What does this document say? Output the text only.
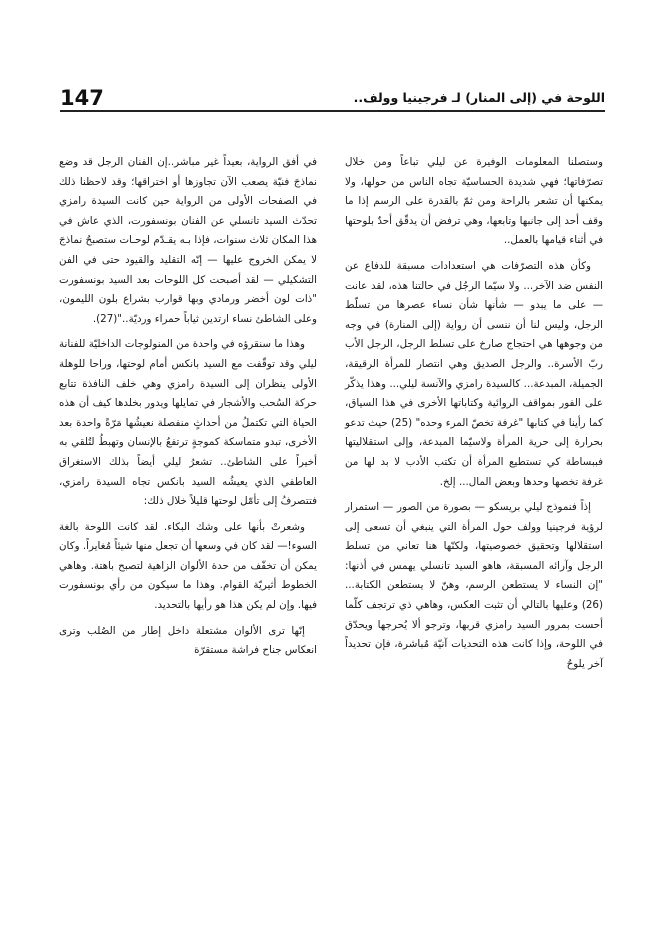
147	اللوحة في (إلى المنار) لـ فرجينيا وولف..

وستصلنا المعلومات الوفيرة عن ليلي تباعاً ومن خلال تصرّفاتها؛ فهي شديدة الحساسيّة تجاه الناس من حولها، ولا يمكنها أن تشعر بالراحة ومن ثمّ بالقدرة على الرسم إذا ما وقف أحد إلى جانبها وتابعها، وهي ترفض أن يدقّق أحدٌ بلوحتها في أثناء قيامها بالعمل..

وكأن هذه التصرّفات هي استعدادات مسبقة للدفاع عن النفس ضد الآخر... ولا سيّما الرجُل في حالتنا هذه، لقد عانت — على ما يبدو — شأنها شأن نساء عصرها من تسلّط الرجل، وليس لنا أن ننسى أن رواية (إلى المنارة) في وجه من وجوهها هي احتجاج صارخ على تسلط الرجل، الرجل الأب ربّ الأسرة.. والرجل الصديق وهي انتصار للمرأة الرقيقة، الجميلة، المبدعة... كالسيدة رامزي والآنسة ليلي... وهذا يذكّر على الفور بمواقف الروائية وكتاباتها الأخرى في هذا السياق، كما رأينا في كتابها "غرفة تخصّ المرء وحده" (25) حيث تدعو بحرارة إلى حرية المرأة ولاسيّما المبدعة، وإلى استقلاليتها فببساطة كي تستطيع المرأة أن تكتب الأدب لا بد لها من غرفة تخصها وحدها وبعض المال... إلخ.

إذاً فنموذج ليلي بريسكو — بصورة من الصور — استمرار لرؤية فرجينيا وولف حول المرأة التي ينبغي أن تسعى إلى استقلالها وتحقيق خصوصيتها، ولكنّها هنا تعاني من تسلط الرجل وآرائه المسبقة، هاهو السيد تانسلي يهمس في أذنها: "إن النساء لا يستطعن الرسم، وهنّ لا يستطعن الكتابة... (26) وعليها بالتالي أن تثبت العكس، وهاهي ذي ترتجف كلّما أحست بمرور السيد رامزي قربها، وترجو ألا يُحرجها ويحدّق في اللوحة، وإذا كانت هذه التحديات آنيّة مُباشرة، فإن تحديداً آخر يلوحُ

في أفق الرواية، بعيداً غير مباشر..إن الفنان الرجل قد وضع نماذجَ فنيّة يصعب الآن تجاوزها أو اختراقها؛ وقد لاحظنا ذلك في الصفحات الأولى من الرواية حين كانت السيدة رامزي تحدّث السيد تانسلي عن الفنان بونسفورت، الذي عاش في هذا المكان ثلاث سنوات، فإذا بـه يقـدّم لوحـات ستصبحُ نماذجَ لا يمكن الخروج عليها — إنّه التقليد والقيود حتى في الفن التشكيلي — لقد أصبحت كل اللوحات بعد السيد بونسفورت "ذات لون أخضر ورمادي وبها قوارب بشراع بلون الليمون، وعلى الشاطئ نساء ارتدين ثياباً حمراء ورديّة.."(27).

وهذا ما سنقرؤه في واحدة من المنولوجات الداخليّة للفنانة ليلي وقد توقّفت مع السيد بانكس أمام لوحتها، وراحا للوهلة الأولى ينظران إلى السيدة رامزي وهي خلف النافذة تتابع حركة السُحب والأشجار في تمايلها ويدور بخلدها كيف أن هذه الحياة التي تكتملُ من أحداثٍ منفصلة نعيشُها مَرّةً واحدة بعد الأخرى، تبدو متماسكة كموجةٍ ترتفعُ بالإنسان وتهبطُ لتُلقي به أخيراً على الشاطئ.. تشعرُ ليلي أيضاً بذلك الاستغراق العاطفي الذي يعيشُه السيد بانكس تجاه السيدة رامزي، فتتصرفُ إلى تأمّل لوحتها قليلاً خلال ذلك:

وشعرتْ بأنها على وشك البكاء. لقد كانت اللوحة بالغة السوء!— لقد كان في وسعها أن تجعل منها شيئاً مُغايراً. وكان يمكن أن تخفّف من حدة الألوان الزاهية لتصبح باهتة. وهاهي الخطوط أثيريّة القوام. وهذا ما سيكون من رأي بونسفورت فيها. وإن لم يكن هذا هو رأيها بالتحديد.

إنّها ترى الألوان مشتعلة داخل إطار من الصُلب وترى انعكاس جناح فراشة مستقرّة
